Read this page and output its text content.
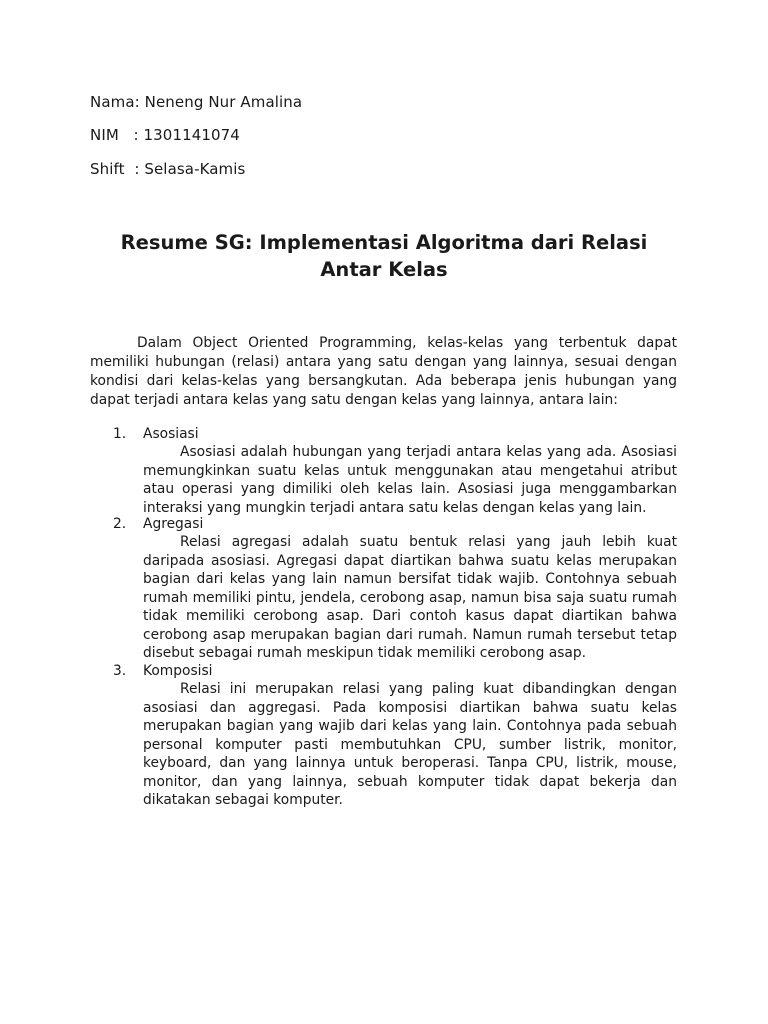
Nama: Neneng Nur Amalina
NIM   : 1301141074
Shift  : Selasa-Kamis
Resume SG: Implementasi Algoritma dari Relasi Antar Kelas

Dalam Object Oriented Programming, kelas-kelas yang terbentuk dapat memiliki hubungan (relasi) antara yang satu dengan yang lainnya, sesuai dengan kondisi dari kelas-kelas yang bersangkutan. Ada beberapa jenis hubungan yang dapat terjadi antara kelas yang satu dengan kelas yang lainnya, antara lain:

1. Asosiasi

Asosiasi adalah hubungan yang terjadi antara kelas yang ada. Asosiasi memungkinkan suatu kelas untuk menggunakan atau mengetahui atribut atau operasi yang dimiliki oleh kelas lain. Asosiasi juga menggambarkan interaksi yang mungkin terjadi antara satu kelas dengan kelas yang lain.

2. Agregasi

Relasi agregasi adalah suatu bentuk relasi yang jauh lebih kuat daripada asosiasi. Agregasi dapat diartikan bahwa suatu kelas merupakan bagian dari kelas yang lain namun bersifat tidak wajib. Contohnya sebuah rumah memiliki pintu, jendela, cerobong asap, namun bisa saja suatu rumah tidak memiliki cerobong asap. Dari contoh kasus dapat diartikan bahwa cerobong asap merupakan bagian dari rumah. Namun rumah tersebut tetap disebut sebagai rumah meskipun tidak memiliki cerobong asap.

3. Komposisi

Relasi ini merupakan relasi yang paling kuat dibandingkan dengan asosiasi dan aggregasi. Pada komposisi diartikan bahwa suatu kelas merupakan bagian yang wajib dari kelas yang lain. Contohnya pada sebuah personal komputer pasti membutuhkan CPU, sumber listrik, monitor, keyboard, dan yang lainnya untuk beroperasi. Tanpa CPU, listrik, mouse, monitor, dan yang lainnya, sebuah komputer tidak dapat bekerja dan dikatakan sebagai komputer.
